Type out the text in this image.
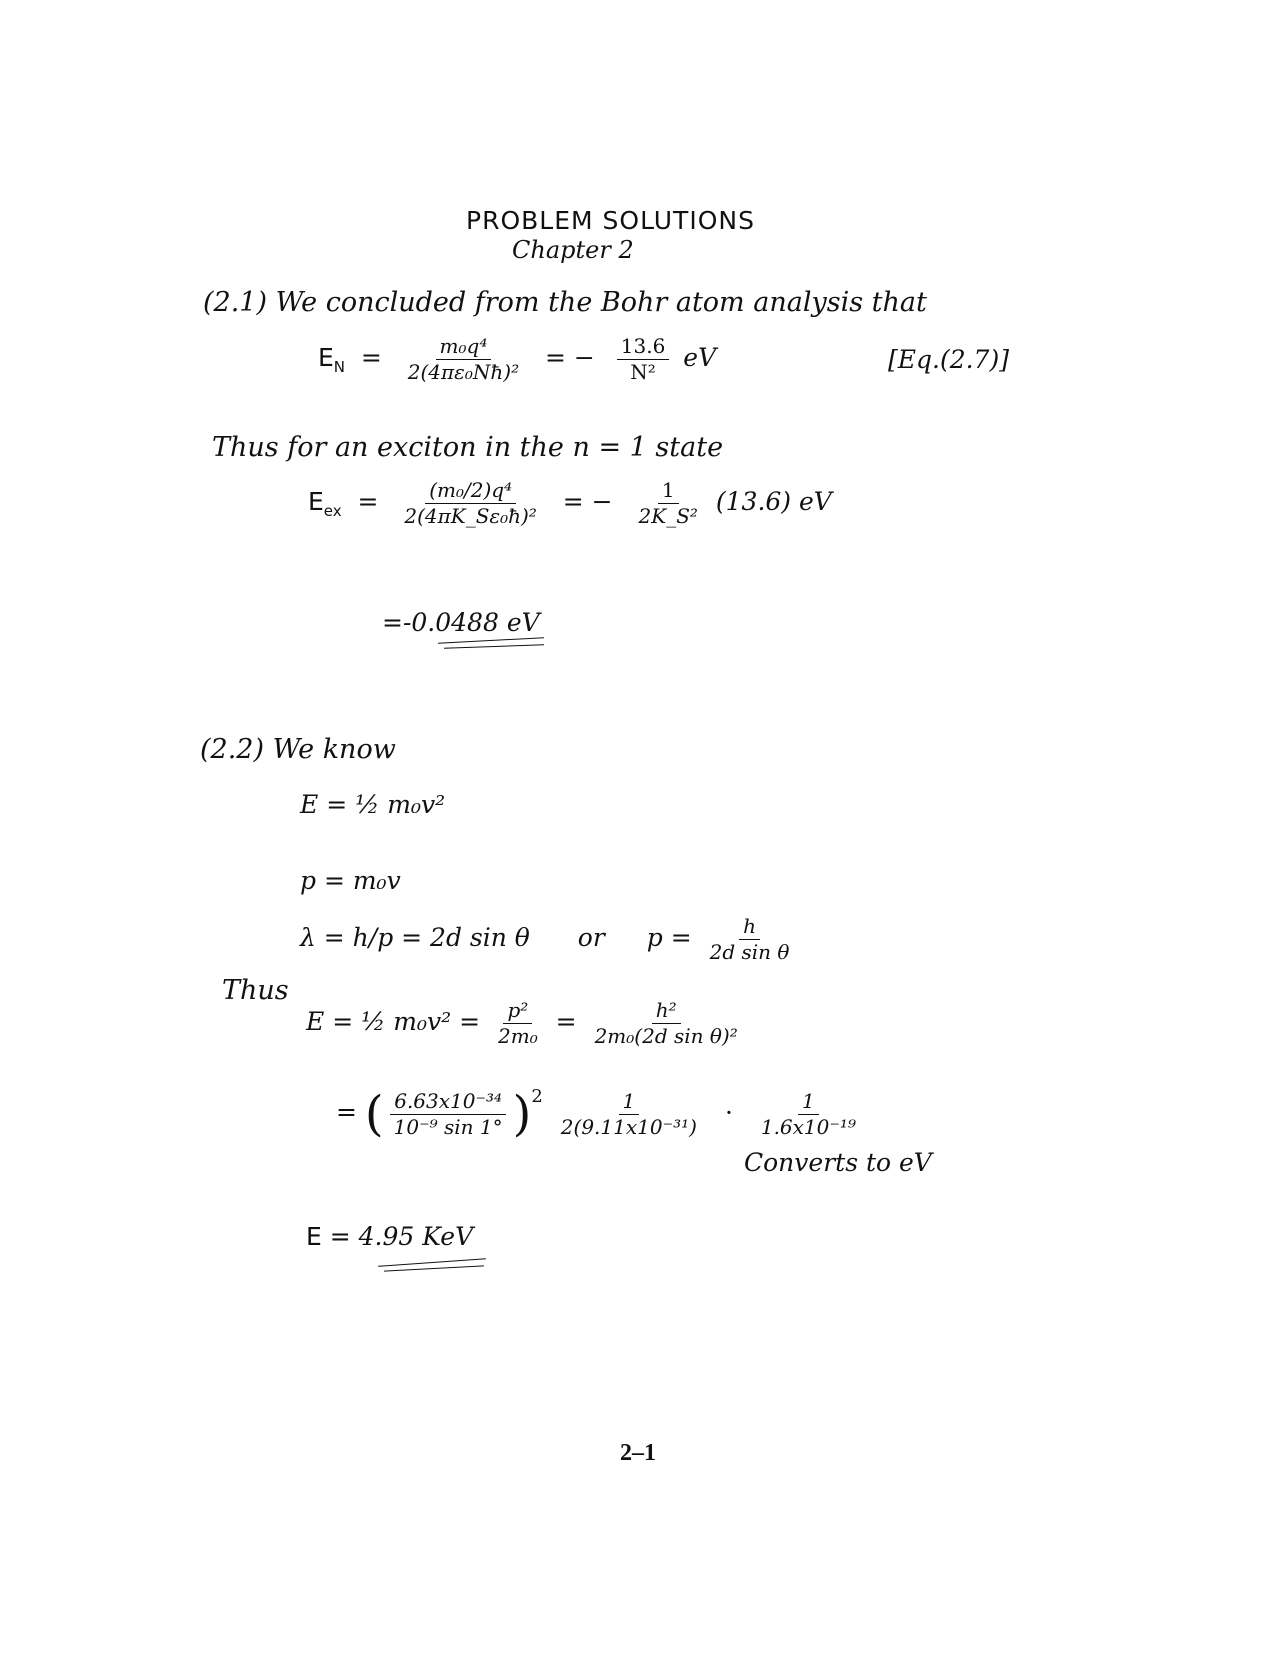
PROBLEM SOLUTIONS
Chapter 2
(2.1) We concluded from the Bohr atom analysis that
$E_N = \frac{\text{m₀q⁴}}{\text{2(4πε₀Nħ)²}}$ = − $\frac{13.6}{\text{N²}}$ eV	[Eq.(2.7)]
Thus for an exciton in the n = 1 state
$E_{ex} = \frac{\text{(m₀/2)q⁴}}{\text{2(4πK\_Sε₀ħ)²}}$ = − $\frac{1}{\text{2K\_S²}} (13.6)$ eV
=-0.0488 eV
(2.2) We know
E = ½ m₀v²
p = m₀v
λ = h/p = 2d sin θ or $p = \frac{h}{\text{2d sin θ}}$
Thus
E = ½ $m_0v^2 = \frac{\text{p²}}{\text{2m₀}} = \frac{\text{h²}}{\text{2m₀(2d sin θ)²}}$
= ( $\frac{\text{6.63x10⁻³⁴}}{\text{10⁻⁹ sin 1°}} )^2 \frac{1}{\text{2(9.11x10⁻³¹)}} \cdot \frac{1}{\text{1.6x10⁻¹⁹}}$
Converts to eV
E = 4.95 KeV
2–1
